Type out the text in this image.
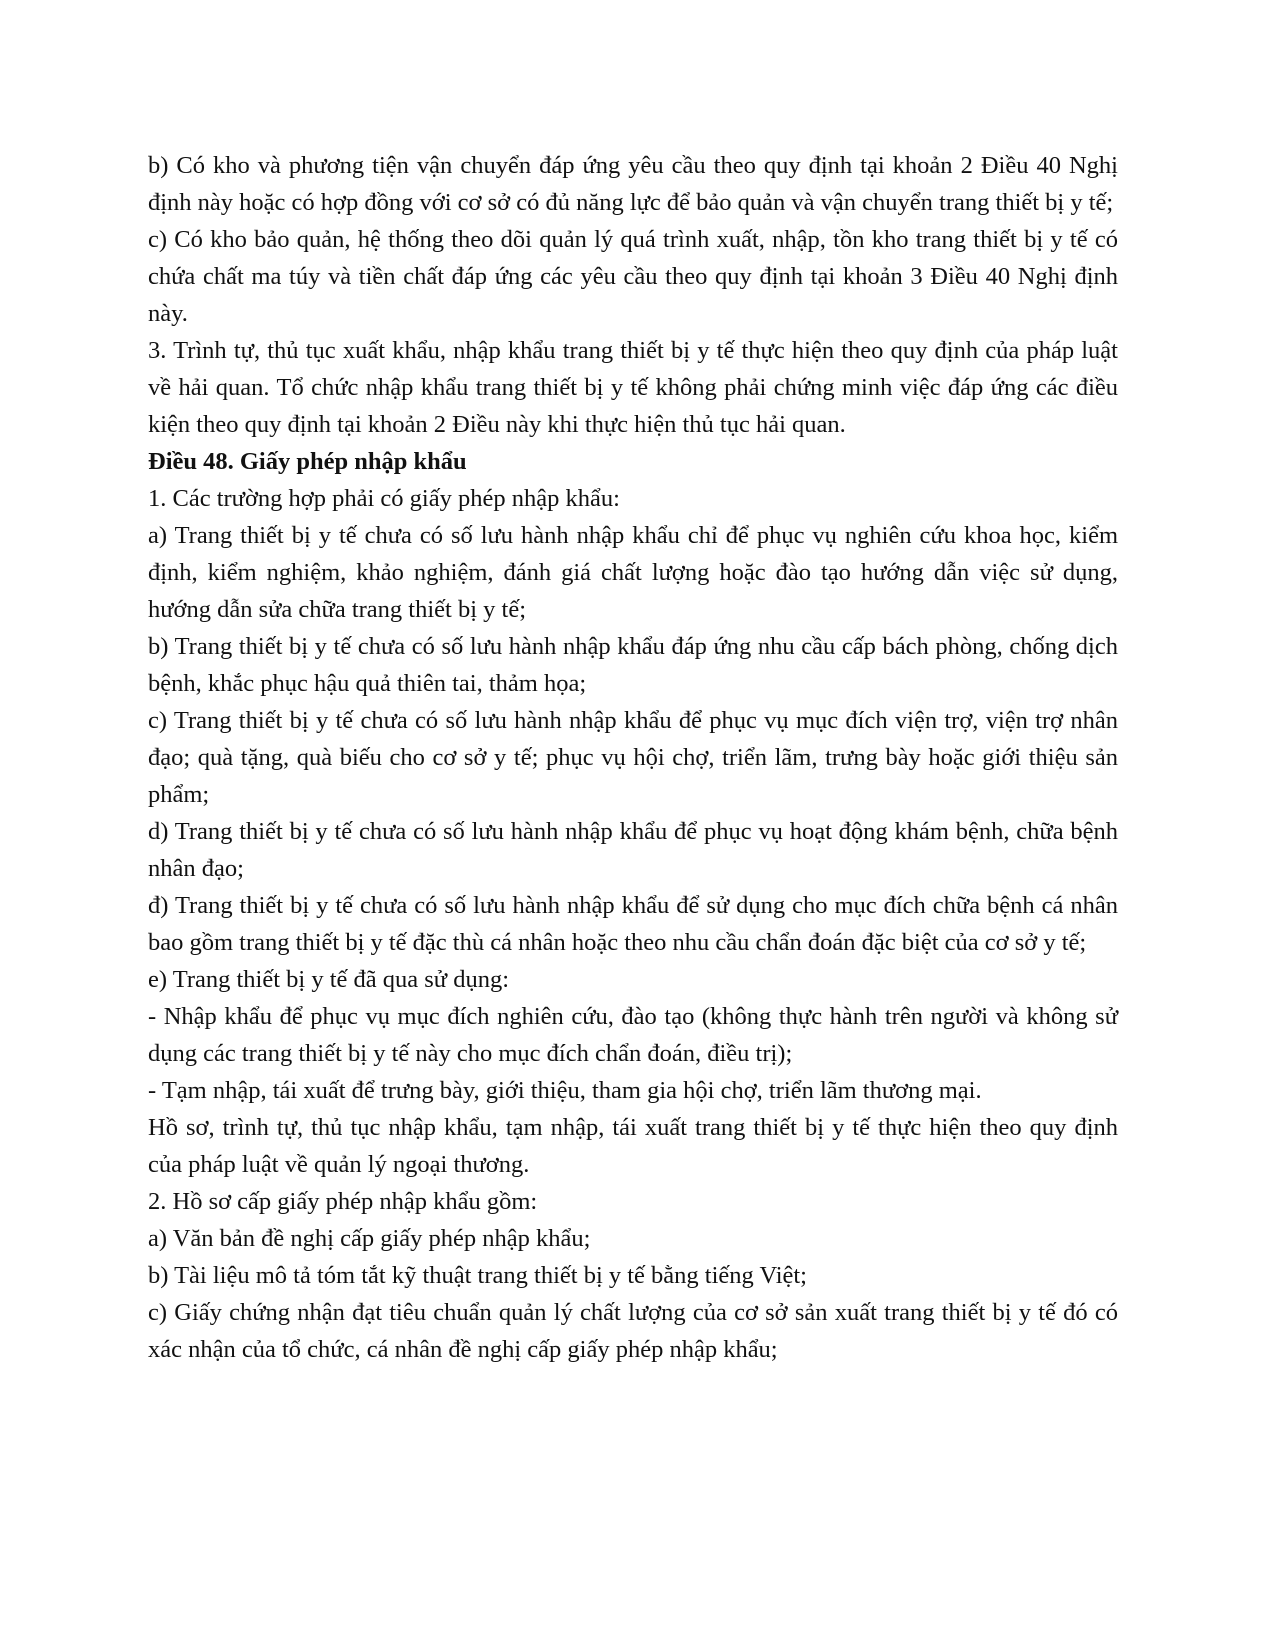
b) Có kho và phương tiện vận chuyển đáp ứng yêu cầu theo quy định tại khoản 2 Điều 40 Nghị định này hoặc có hợp đồng với cơ sở có đủ năng lực để bảo quản và vận chuyển trang thiết bị y tế;

c) Có kho bảo quản, hệ thống theo dõi quản lý quá trình xuất, nhập, tồn kho trang thiết bị y tế có chứa chất ma túy và tiền chất đáp ứng các yêu cầu theo quy định tại khoản 3 Điều 40 Nghị định này.

3. Trình tự, thủ tục xuất khẩu, nhập khẩu trang thiết bị y tế thực hiện theo quy định của pháp luật về hải quan. Tổ chức nhập khẩu trang thiết bị y tế không phải chứng minh việc đáp ứng các điều kiện theo quy định tại khoản 2 Điều này khi thực hiện thủ tục hải quan.

Điều 48. Giấy phép nhập khẩu

1. Các trường hợp phải có giấy phép nhập khẩu:

a) Trang thiết bị y tế chưa có số lưu hành nhập khẩu chỉ để phục vụ nghiên cứu khoa học, kiểm định, kiểm nghiệm, khảo nghiệm, đánh giá chất lượng hoặc đào tạo hướng dẫn việc sử dụng, hướng dẫn sửa chữa trang thiết bị y tế;

b) Trang thiết bị y tế chưa có số lưu hành nhập khẩu đáp ứng nhu cầu cấp bách phòng, chống dịch bệnh, khắc phục hậu quả thiên tai, thảm họa;

c) Trang thiết bị y tế chưa có số lưu hành nhập khẩu để phục vụ mục đích viện trợ, viện trợ nhân đạo; quà tặng, quà biếu cho cơ sở y tế; phục vụ hội chợ, triển lãm, trưng bày hoặc giới thiệu sản phẩm;

d) Trang thiết bị y tế chưa có số lưu hành nhập khẩu để phục vụ hoạt động khám bệnh, chữa bệnh nhân đạo;

đ) Trang thiết bị y tế chưa có số lưu hành nhập khẩu để sử dụng cho mục đích chữa bệnh cá nhân bao gồm trang thiết bị y tế đặc thù cá nhân hoặc theo nhu cầu chẩn đoán đặc biệt của cơ sở y tế;

e) Trang thiết bị y tế đã qua sử dụng:

- Nhập khẩu để phục vụ mục đích nghiên cứu, đào tạo (không thực hành trên người và không sử dụng các trang thiết bị y tế này cho mục đích chẩn đoán, điều trị);

- Tạm nhập, tái xuất để trưng bày, giới thiệu, tham gia hội chợ, triển lãm thương mại.

Hồ sơ, trình tự, thủ tục nhập khẩu, tạm nhập, tái xuất trang thiết bị y tế thực hiện theo quy định của pháp luật về quản lý ngoại thương.

2. Hồ sơ cấp giấy phép nhập khẩu gồm:

a) Văn bản đề nghị cấp giấy phép nhập khẩu;

b) Tài liệu mô tả tóm tắt kỹ thuật trang thiết bị y tế bằng tiếng Việt;

c) Giấy chứng nhận đạt tiêu chuẩn quản lý chất lượng của cơ sở sản xuất trang thiết bị y tế đó có xác nhận của tổ chức, cá nhân đề nghị cấp giấy phép nhập khẩu;
